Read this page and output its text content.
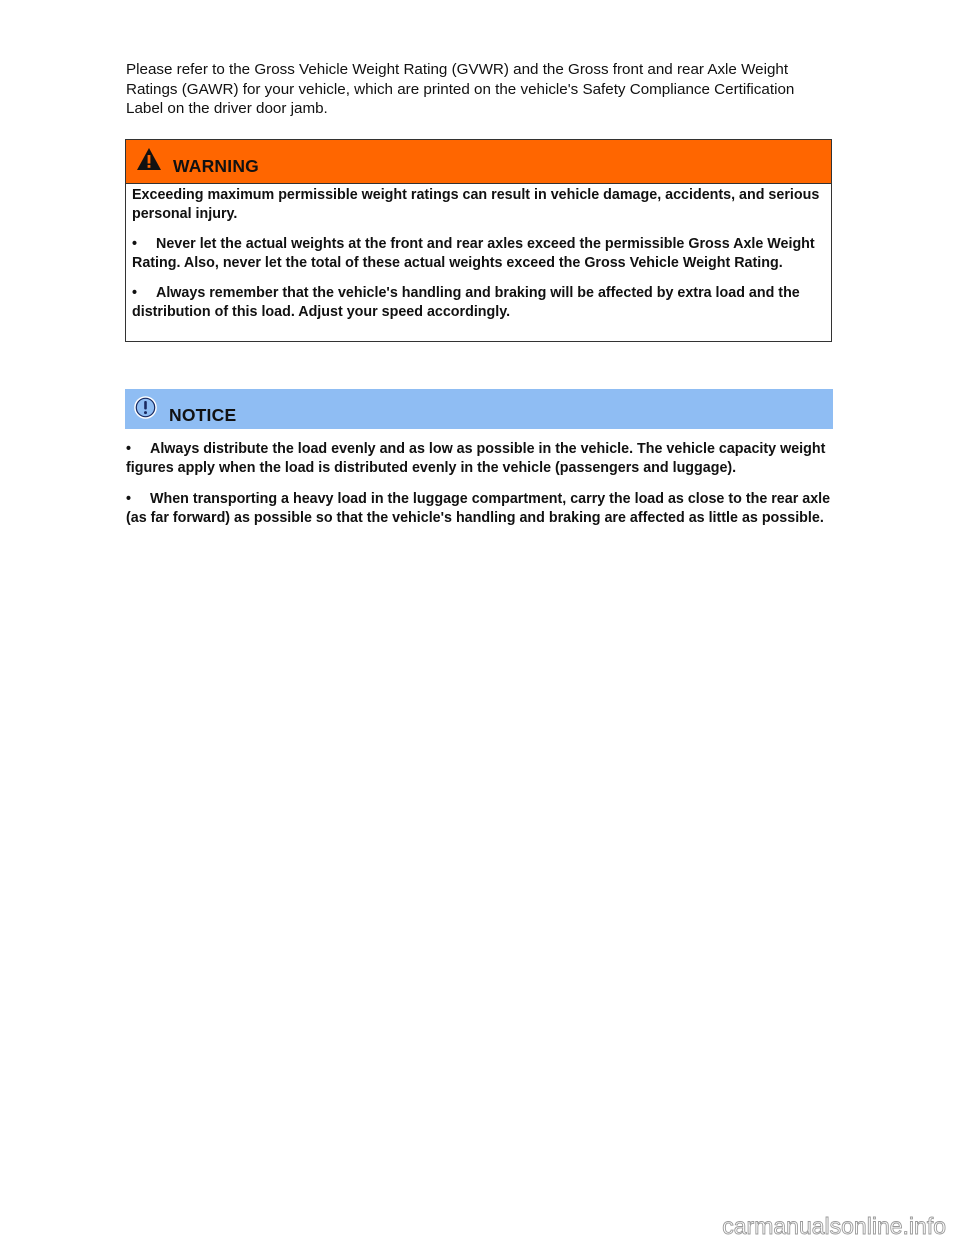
Please refer to the Gross Vehicle Weight Rating (GVWR) and the Gross front and rear Axle Weight Ratings (GAWR) for your vehicle, which are printed on the vehicle's Safety Compliance Certification Label on the driver door jamb.

WARNING

Exceeding maximum permissible weight ratings can result in vehicle damage, accidents, and serious personal injury.

• Never let the actual weights at the front and rear axles exceed the permissible Gross Axle Weight Rating. Also, never let the total of these actual weights exceed the Gross Vehicle Weight Rating.

• Always remember that the vehicle's handling and braking will be affected by extra load and the distribution of this load. Adjust your speed accordingly.

NOTICE

• Always distribute the load evenly and as low as possible in the vehicle. The vehicle capacity weight figures apply when the load is distributed evenly in the vehicle (passengers and luggage).

• When transporting a heavy load in the luggage compartment, carry the load as close to the rear axle (as far forward) as possible so that the vehicle's handling and braking are affected as little as possible.

carmanualsonline.info
